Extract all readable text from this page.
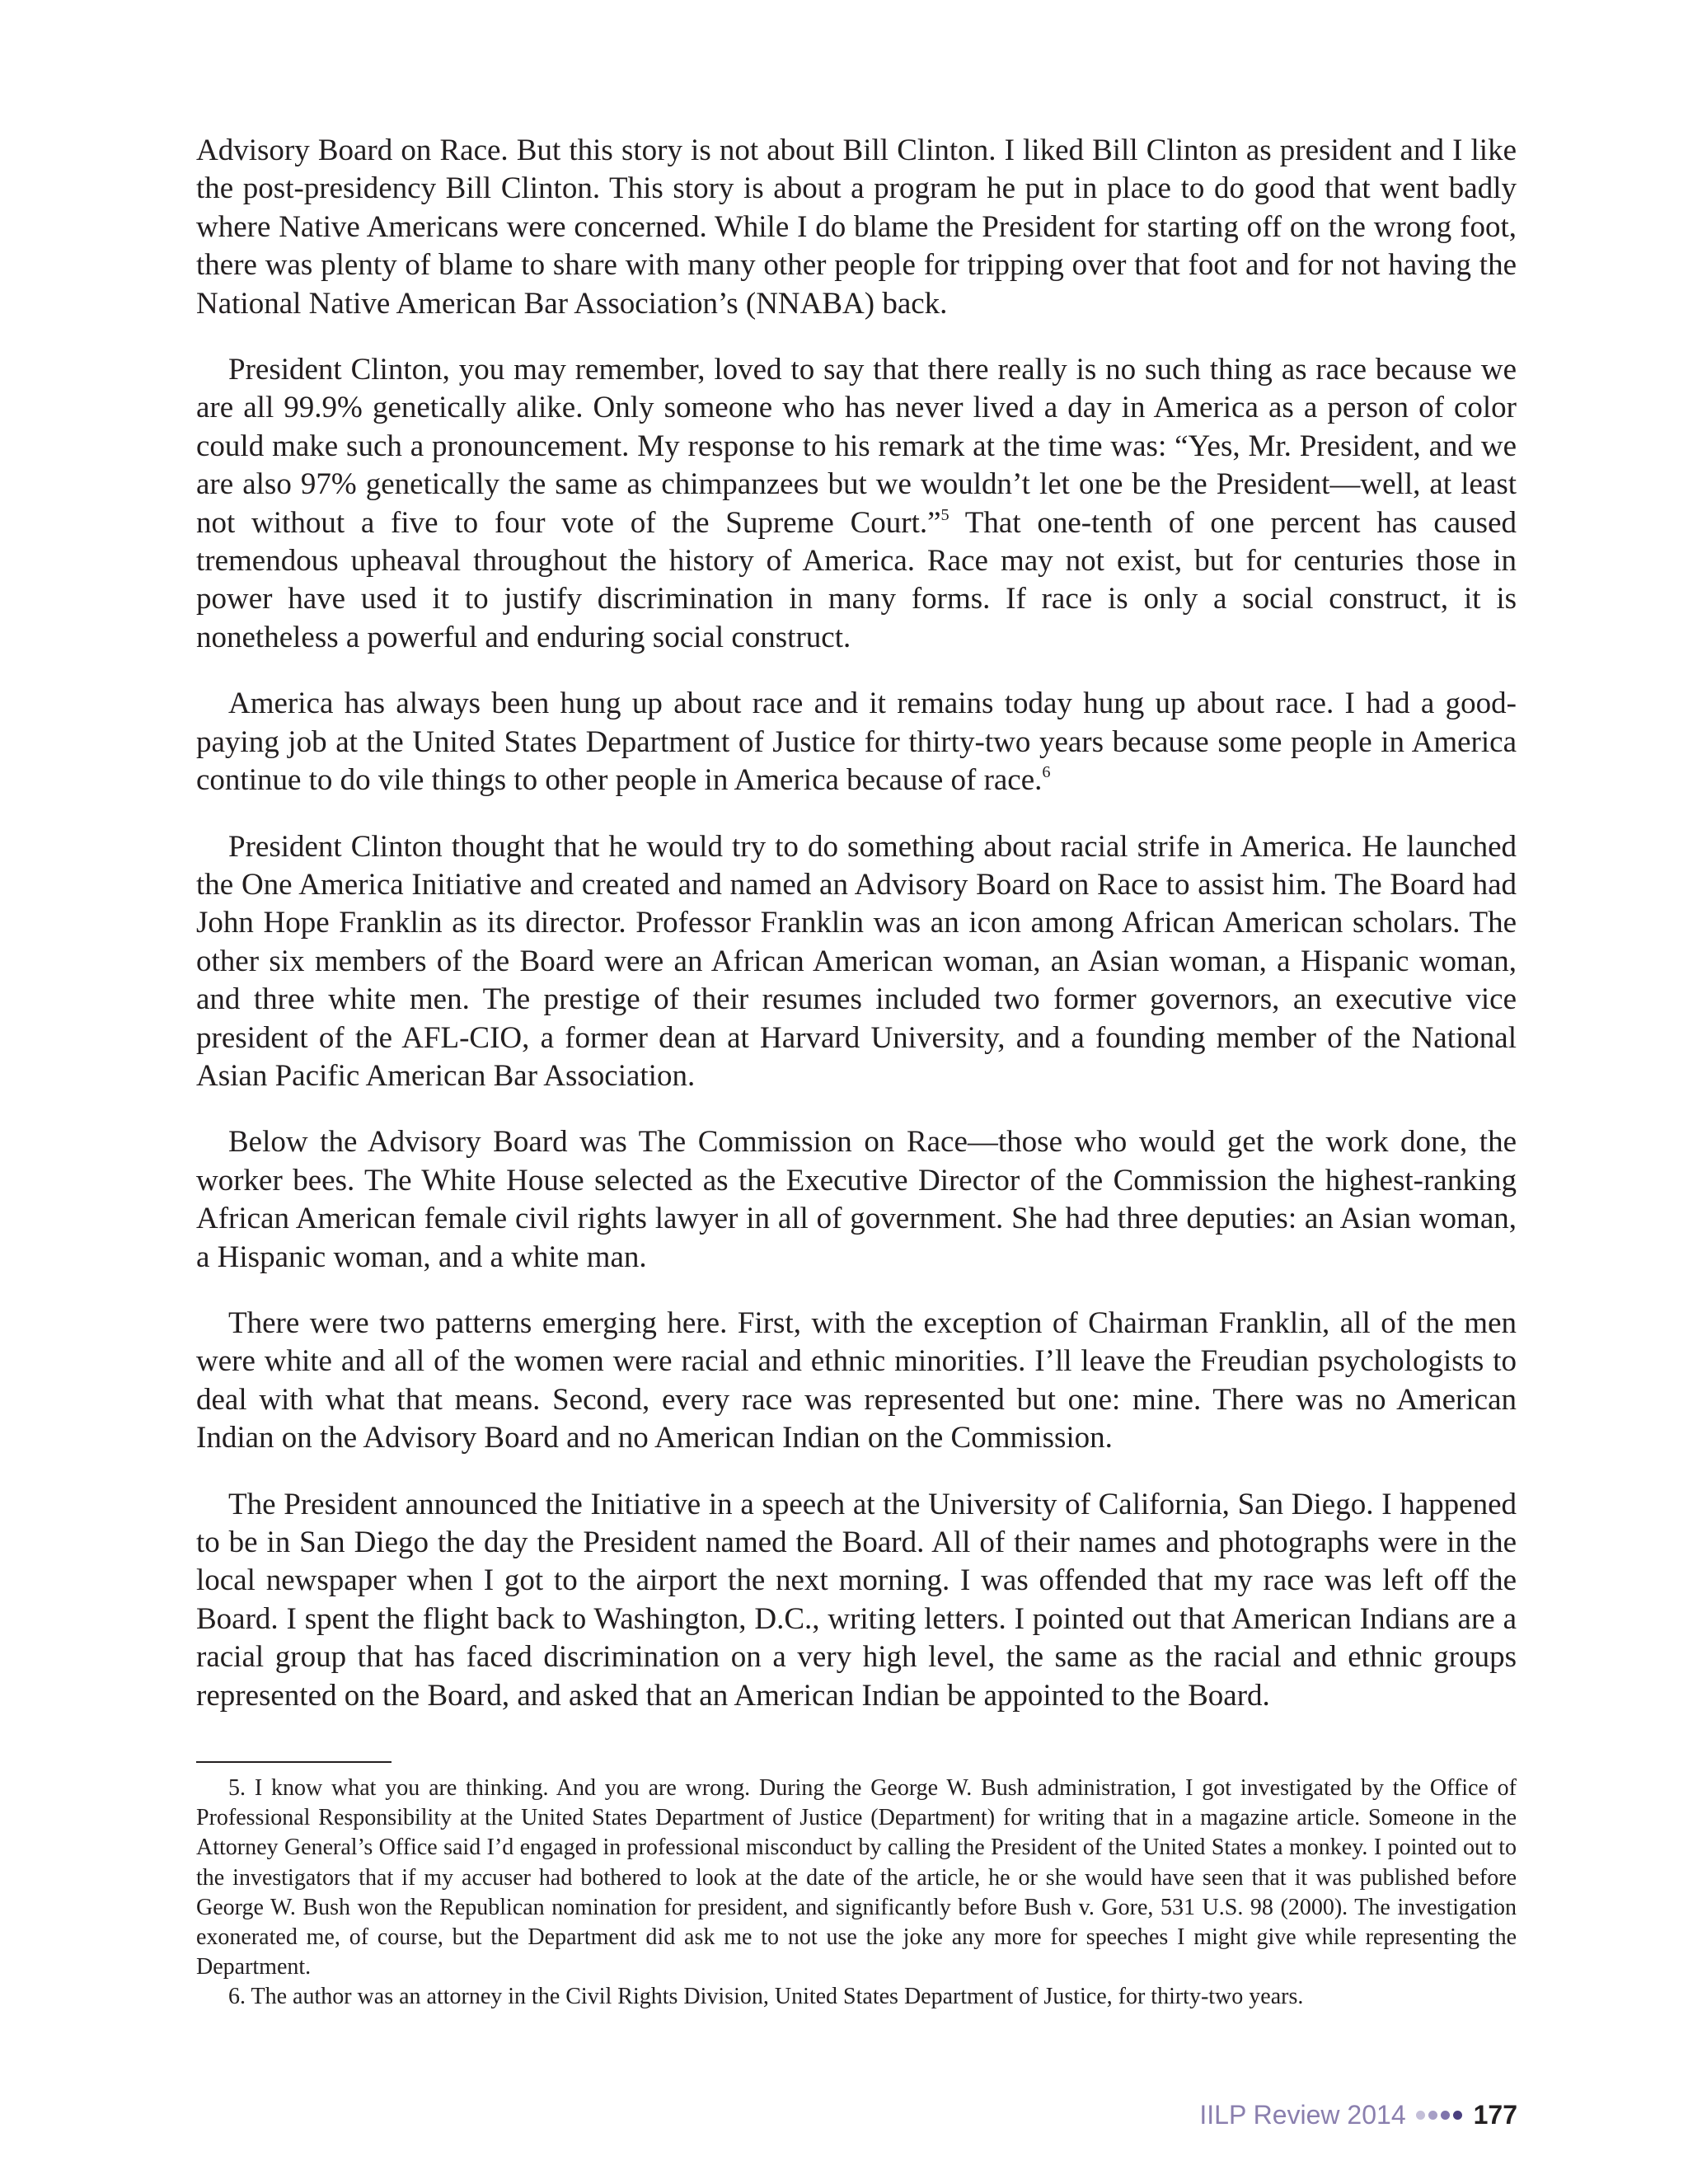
Advisory Board on Race. But this story is not about Bill Clinton. I liked Bill Clinton as president and I like the post-presidency Bill Clinton. This story is about a program he put in place to do good that went badly where Native Americans were concerned. While I do blame the President for starting off on the wrong foot, there was plenty of blame to share with many other people for tripping over that foot and for not having the National Native American Bar Association’s (NNABA) back.

President Clinton, you may remember, loved to say that there really is no such thing as race because we are all 99.9% genetically alike. Only someone who has never lived a day in America as a person of color could make such a pronouncement. My response to his remark at the time was: “Yes, Mr. President, and we are also 97% genetically the same as chimpanzees but we wouldn’t let one be the President—well, at least not without a five to four vote of the Supreme Court.”$^5$ That one-tenth of one percent has caused tremendous upheaval throughout the history of America. Race may not exist, but for centuries those in power have used it to justify discrimination in many forms. If race is only a social construct, it is nonetheless a powerful and enduring social construct.

America has always been hung up about race and it remains today hung up about race. I had a good-paying job at the United States Department of Justice for thirty-two years because some people in America continue to do vile things to other people in America because of race.$^6$

President Clinton thought that he would try to do something about racial strife in America. He launched the One America Initiative and created and named an Advisory Board on Race to assist him. The Board had John Hope Franklin as its director. Professor Franklin was an icon among African American scholars. The other six members of the Board were an African American woman, an Asian woman, a Hispanic woman, and three white men. The prestige of their resumes included two former governors, an executive vice president of the AFL-CIO, a former dean at Harvard University, and a founding member of the National Asian Pacific American Bar Association.

Below the Advisory Board was The Commission on Race—those who would get the work done, the worker bees. The White House selected as the Executive Director of the Commission the highest-ranking African American female civil rights lawyer in all of government. She had three deputies: an Asian woman, a Hispanic woman, and a white man.

There were two patterns emerging here. First, with the exception of Chairman Franklin, all of the men were white and all of the women were racial and ethnic minorities. I’ll leave the Freudian psychologists to deal with what that means. Second, every race was represented but one: mine. There was no American Indian on the Advisory Board and no American Indian on the Commission.

The President announced the Initiative in a speech at the University of California, San Diego. I happened to be in San Diego the day the President named the Board. All of their names and photographs were in the local newspaper when I got to the airport the next morning. I was offended that my race was left off the Board. I spent the flight back to Washington, D.C., writing letters. I pointed out that American Indians are a racial group that has faced discrimination on a very high level, the same as the racial and ethnic groups represented on the Board, and asked that an American Indian be appointed to the Board.

5. I know what you are thinking. And you are wrong. During the George W. Bush administration, I got investigated by the Office of Professional Responsibility at the United States Department of Justice (Department) for writing that in a magazine article. Someone in the Attorney General’s Office said I’d engaged in professional misconduct by calling the President of the United States a monkey. I pointed out to the investigators that if my accuser had bothered to look at the date of the article, he or she would have seen that it was published before George W. Bush won the Republican nomination for president, and significantly before Bush v. Gore, 531 U.S. 98 (2000). The investigation exonerated me, of course, but the Department did ask me to not use the joke any more for speeches I might give while representing the Department.

6. The author was an attorney in the Civil Rights Division, United States Department of Justice, for thirty-two years.

IILP Review 2014	177
